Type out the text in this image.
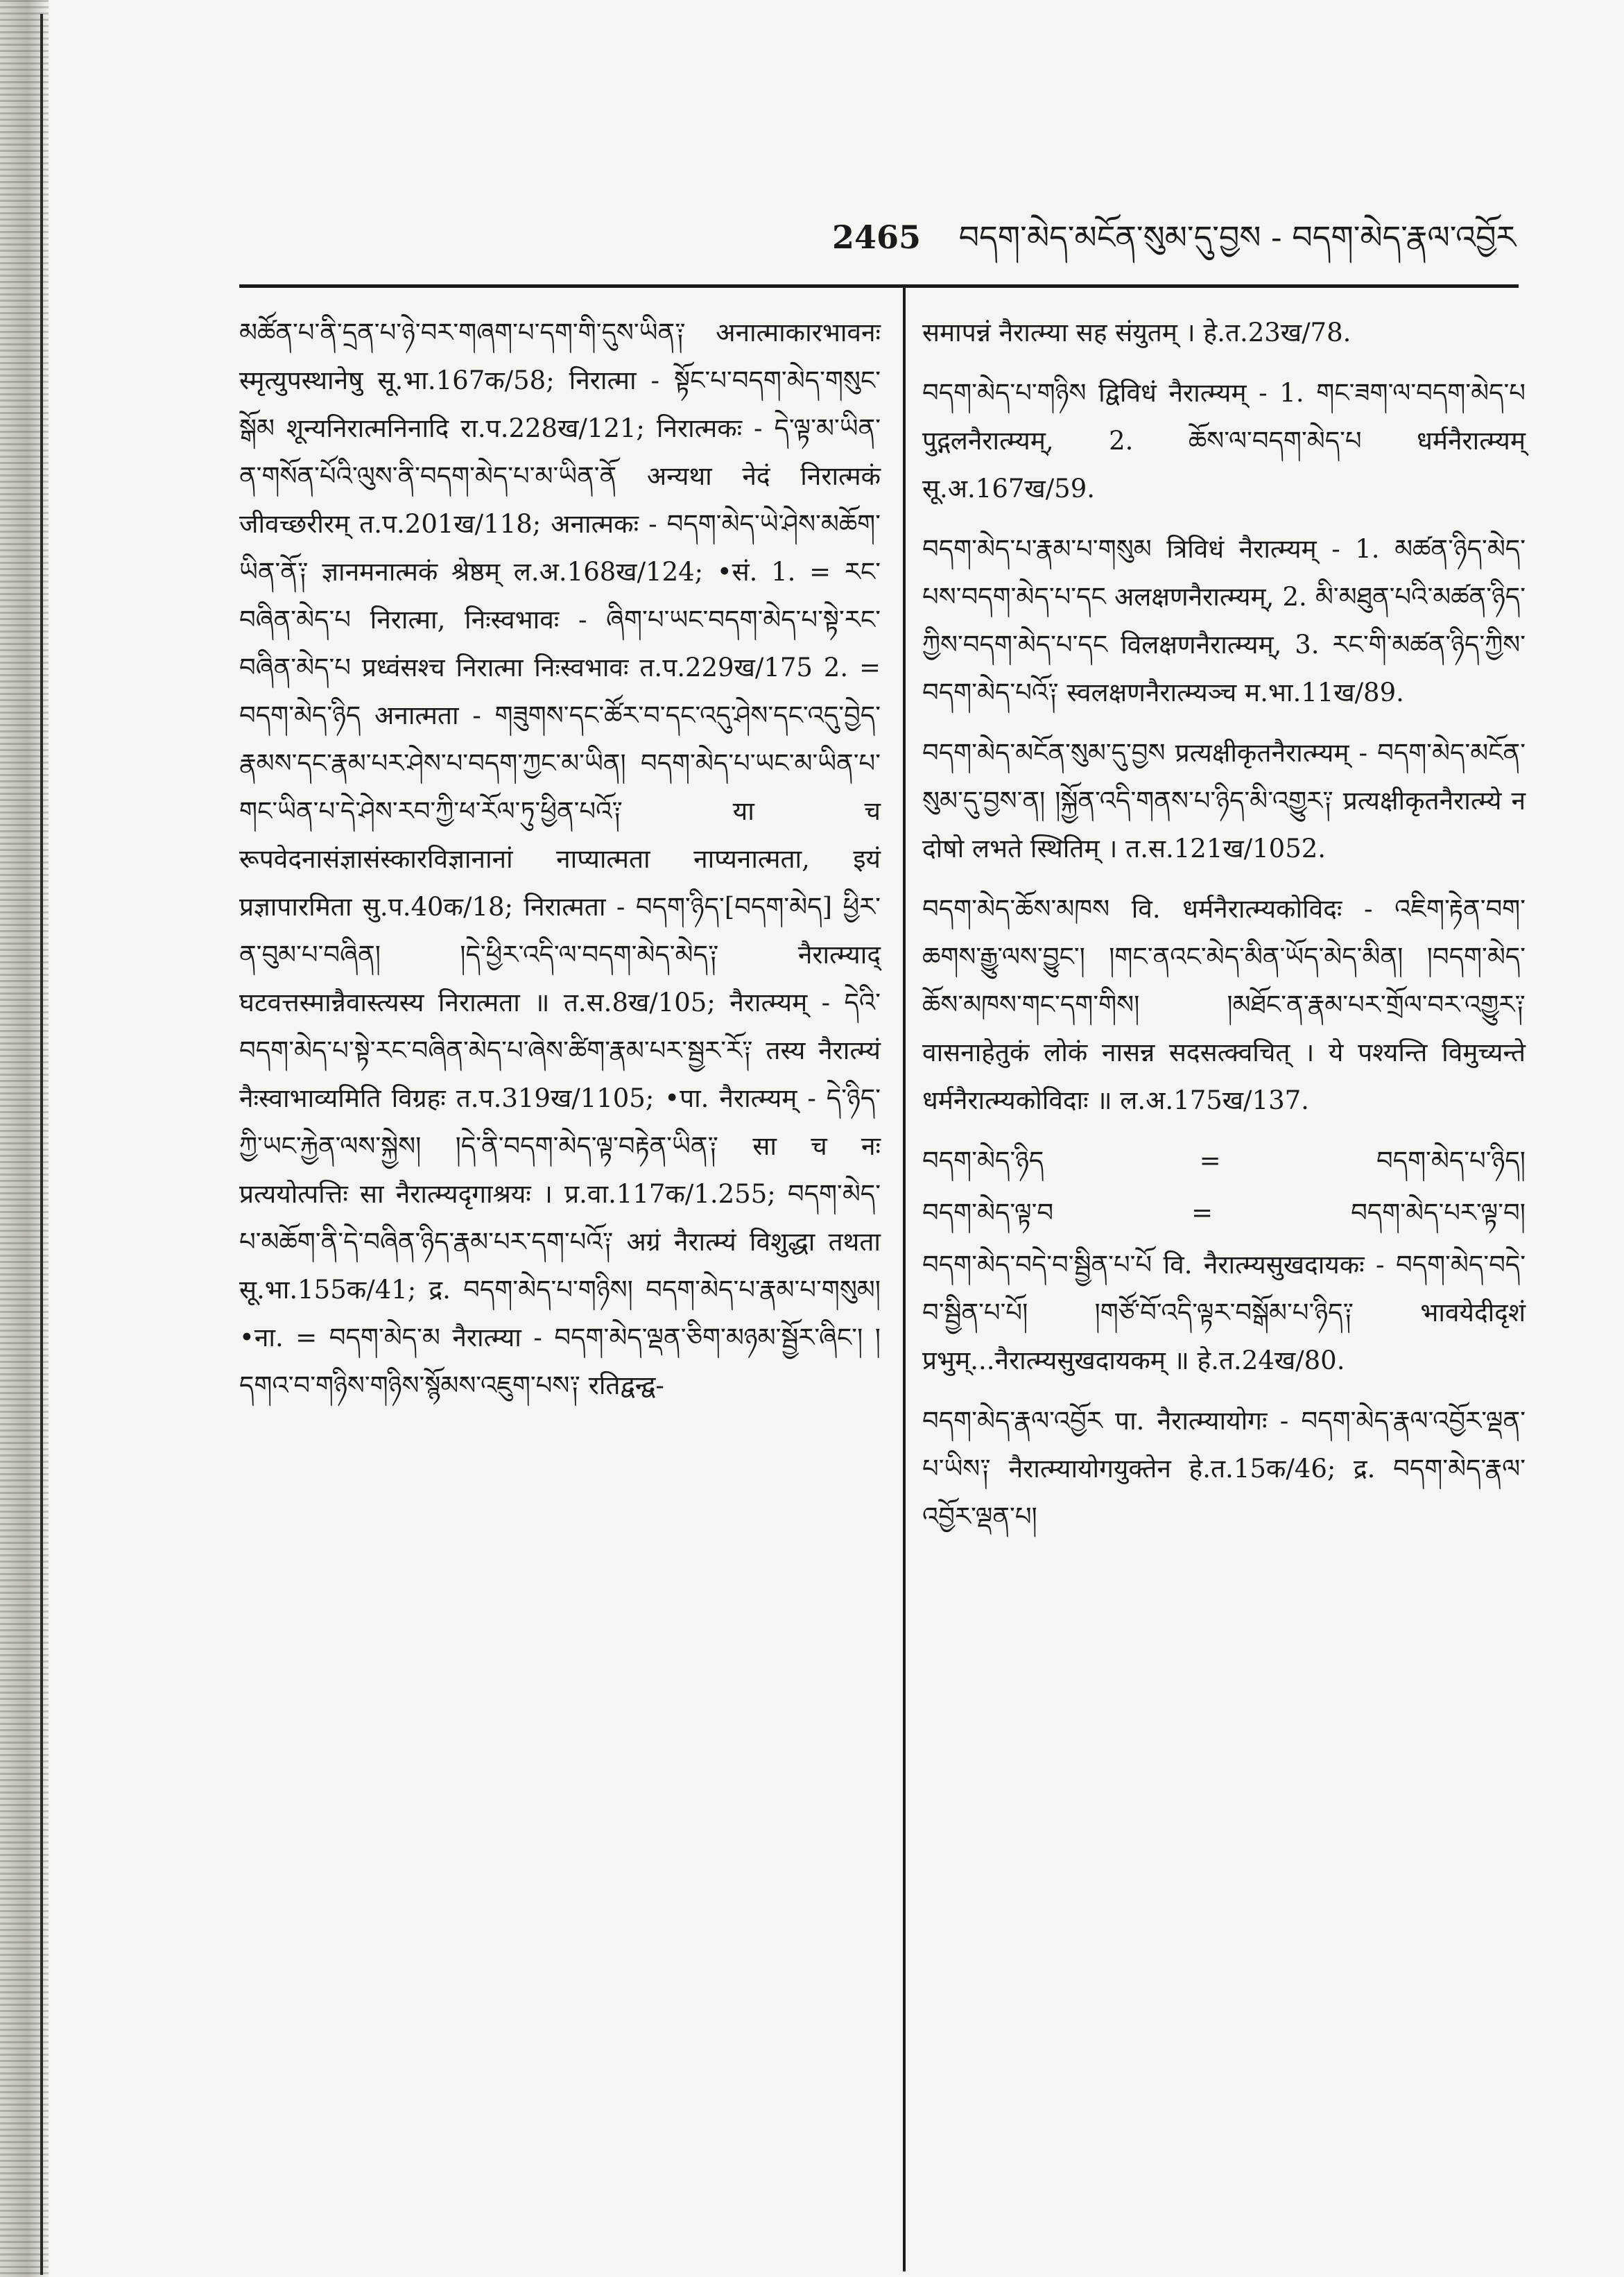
2465 བདག་མེད་མངོན་སུམ་དུ་བྱས - བདག་མེད་རྣལ་འབྱོར

མཚོན་པ་ནི་དྲན་པ་ཉེ་བར་གཞག་པ་དག་གི་དུས་ཡིན༑ अनात्माकारभावनः स्मृत्युपस्थानेषु सू.भा.167क/58; निरात्मा - སྟོང་པ་བདག་མེད་གསུང་སྒོམ शून्यनिरात्मनिनादि रा.प.228ख/121; निरात्मकः - དེ་ལྟ་མ་ཡིན་ན་གསོན་པོའི་ལུས་ནི་བདག་མེད་པ་མ་ཡིན་ནོ अन्यथा नेदं निरात्मकं जीवच्छरीरम् त.प.201ख/118; अनात्मकः - བདག་མེད་ཡེ་ཤེས་མཆོག་ཡིན་ནོ༑ ज्ञानमनात्मकं श्रेष्ठम् ल.अ.168ख/124; •सं. 1. = རང་བཞིན་མེད་པ निरात्मा, निःस्वभावः - ཞིག་པ་ཡང་བདག་མེད་པ་སྟེ་རང་བཞིན་མེད་པ प्रध्वंसश्च निरात्मा निःस्वभावः त.प.229ख/175 2. = བདག་མེད་ཉིད अनात्मता - གཟུགས་དང་ཚོར་བ་དང་འདུ་ཤེས་དང་འདུ་བྱེད་རྣམས་དང་རྣམ་པར་ཤེས་པ་བདག་ཀྱང་མ་ཡིན། བདག་མེད་པ་ཡང་མ་ཡིན་པ་གང་ཡིན་པ་དེ་ཤེས་རབ་ཀྱི་ཕ་རོལ་ཏུ་ཕྱིན་པའོ༑ या च रूपवेदनासंज्ञासंस्कारविज्ञानानां नाप्यात्मता नाप्यनात्मता, इयं प्रज्ञापारमिता सु.प.40क/18; निरात्मता - བདག་ཉིད་[བདག་མེད] ཕྱིར་ན་བུམ་པ་བཞིན། །དེ་ཕྱིར་འདི་ལ་བདག་མེད་མེད༑ नैरात्म्याद् घटवत्तस्मान्नैवास्त्यस्य निरात्मता ॥ त.स.8ख/105; नैरात्म्यम् - དེའི་བདག་མེད་པ་སྟེ་རང་བཞིན་མེད་པ་ཞེས་ཚིག་རྣམ་པར་སྦྱར་རོ༑ तस्य नैरात्म्यं नैःस्वाभाव्यमिति विग्रहः त.प.319ख/1105; •पा. नैरात्म्यम् - དེ་ཉིད་ཀྱི་ཡང་རྐྱེན་ལས་སྐྱེས། །དེ་ནི་བདག་མེད་ལྟ་བརྟེན་ཡིན༑ सा च नः प्रत्ययोत्पत्तिः सा नैरात्म्यदृगाश्रयः । प्र.वा.117क/1.255; བདག་མེད་པ་མཆོག་ནི་དེ་བཞིན་ཉིད་རྣམ་པར་དག་པའོ༑ अग्रं नैरात्म्यं विशुद्धा तथता सू.भा.155क/41; द्र. བདག་མེད་པ་གཉིས། བདག་མེད་པ་རྣམ་པ་གསུམ། •ना. = བདག་མེད་མ नैरात्म्या - བདག་མེད་ལྡན་ཅིག་མཉམ་སྦྱོར་ཞིང་། །དགའ་བ་གཉིས་གཉིས་སྙོམས་འཇུག་པས༑ रतिद्वन्द्व-

समापन्नं नैरात्म्या सह संयुतम् । हे.त.23ख/78.

བདག་མེད་པ་གཉིས द्विविधं नैरात्म्यम् - 1. གང་ཟག་ལ་བདག་མེད་པ पुद्गलनैरात्म्यम्, 2. ཆོས་ལ་བདག་མེད་པ धर्मनैरात्म्यम् सू.अ.167ख/59.

བདག་མེད་པ་རྣམ་པ་གསུམ त्रिविधं नैरात्म्यम् - 1. མཚན་ཉིད་མེད་པས་བདག་མེད་པ་དང अलक्षणनैरात्म्यम्, 2. མི་མཐུན་པའི་མཚན་ཉིད་ཀྱིས་བདག་མེད་པ་དང विलक्षणनैरात्म्यम्, 3. རང་གི་མཚན་ཉིད་ཀྱིས་བདག་མེད་པའོ༑ स्वलक्षणनैरात्म्यञ्च म.भा.11ख/89.

བདག་མེད་མངོན་སུམ་དུ་བྱས प्रत्यक्षीकृतनैरात्म्यम् - བདག་མེད་མངོན་སུམ་དུ་བྱས་ན། །སྐྱོན་འདི་གནས་པ་ཉིད་མི་འགྱུར༑ प्रत्यक्षीकृतनैरात्म्ये न दोषो लभते स्थितिम् । त.स.121ख/1052.

བདག་མེད་ཆོས་མཁས वि. धर्मनैरात्म्यकोविदः - འཇིག་རྟེན་བག་ཆགས་རྒྱུ་ལས་བྱུང་། །གང་ནའང་མེད་མིན་ཡོད་མེད་མིན། །བདག་མེད་ཆོས་མཁས་གང་དག་གིས། །མཐོང་ན་རྣམ་པར་གྲོལ་བར་འགྱུར༑ वासनाहेतुकं लोकं नासन्न सदसत्क्वचित् । ये पश्यन्ति विमुच्यन्ते धर्मनैरात्म्यकोविदाः ॥ ल.अ.175ख/137.

བདག་མེད་ཉིད	=	བདག་མེད་པ་ཉིད།
བདག་མེད་ལྟ་བ	=	བདག་མེད་པར་ལྟ་བ།

བདག་མེད་བདེ་བ་སྦྱིན་པ་པོ वि. नैरात्म्यसुखदायकः - བདག་མེད་བདེ་བ་སྦྱིན་པ་པོ། །གཙོ་བོ་འདི་ལྟར་བསྒོམ་པ་ཉིད༑ भावयेदीदृशं प्रभुम्...नैरात्म्यसुखदायकम् ॥ हे.त.24ख/80.

བདག་མེད་རྣལ་འབྱོར पा. नैरात्म्यायोगः - བདག་མེད་རྣལ་འབྱོར་ལྡན་པ་ཡིས༑ नैरात्म्यायोगयुक्तेन हे.त.15क/46; द्र. བདག་མེད་རྣལ་འབྱོར་ལྡན་པ།
